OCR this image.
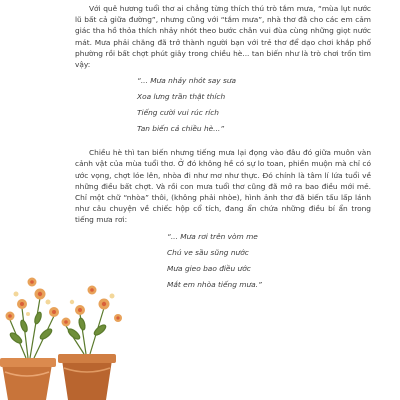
Với quê hương tuổi thơ ai chẳng từng thích thú trò tắm mưa, “mùa lụt nước lũ bất cả giữa đường”, nhưng cũng với “tắm mưa”, nhà thơ đã cho các em cảm giác tha hồ thỏa thích nhảy nhót theo bước chân vui đùa cùng những giọt nước mát. Mưa phải chăng đã trở thành người bạn với trẻ thơ để dạo chơi khắp phố phường rồi bất chợt phút giây trong chiều hè... tan biến như là trò chơi trốn tìm vậy:

“... Mưa nhảy nhót say sưa

Xoa lưng trần thật thích

Tiếng cười vui rúc rích

Tan biến cả chiều hè...”

Chiều hè thì tan biến nhưng tiếng mưa lại đọng vào đâu đó giữa muôn vàn cảnh vật của mùa tuổi thơ. Ở đó không hề có sự lo toan, phiền muộn mà chỉ có ước vọng, chợt lóe lên, nhòa đi như mơ như thực. Đó chính là tâm lí lứa tuổi về những điều bất chợt. Và rồi con mưa tuổi thơ cũng đã mở ra bao điều mới mẻ. Chỉ một chữ “nhòa” thôi, (không phải nhòe), hình ảnh thơ đã biến tấu lấp lánh như câu chuyện về chiếc hộp cổ tích, đang ẩn chứa những điều bí ẩn trong tiếng mưa rơi:

“... Mưa rơi trên vòm me

Chú ve sầu sũng nước

Mưa gieo bao điều ước

Mắt em nhòa tiếng mưa.”
